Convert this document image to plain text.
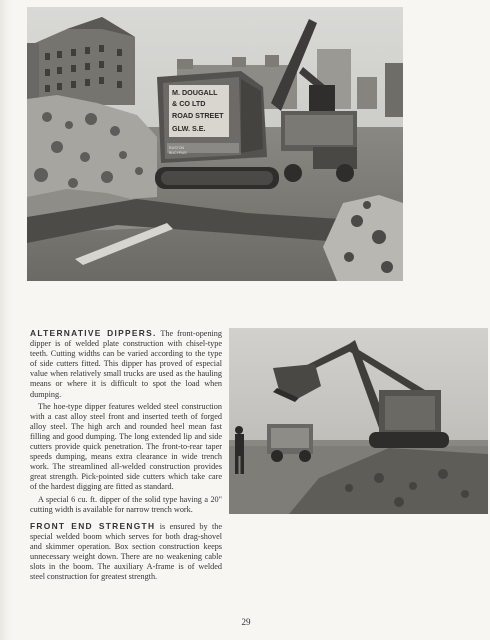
M. DOUGALL
& CO LTD
ROAD STREET
GLW. S.E.
RUSTON
BUCYRUS

ALTERNATIVE DIPPERS. The front-opening dipper is of welded plate construction with chisel-type teeth. Cutting widths can be varied according to the type of side cutters fitted. This dipper has proved of especial value when relatively small trucks are used as the hauling means or where it is difficult to spot the load when dumping.

The hoe-type dipper features welded steel construction with a cast alloy steel front and inserted teeth of forged alloy steel. The high arch and rounded heel mean fast filling and good dumping. The long extended lip and side cutters provide quick penetration. The front-to-rear taper speeds dumping, means extra clearance in wide trench work. The streamlined all-welded construction provides great strength. Pick-pointed side cutters which take care of the hardest digging are fitted as standard.

A special 6 cu. ft. dipper of the solid type having a 20" cutting width is available for narrow trench work.

FRONT END STRENGTH is ensured by the special welded boom which serves for both drag-shovel and skimmer operation. Box section construction keeps unnecessary weight down. There are no weakening cable slots in the boom. The auxiliary A-frame is of welded steel construction for greatest strength.

29
